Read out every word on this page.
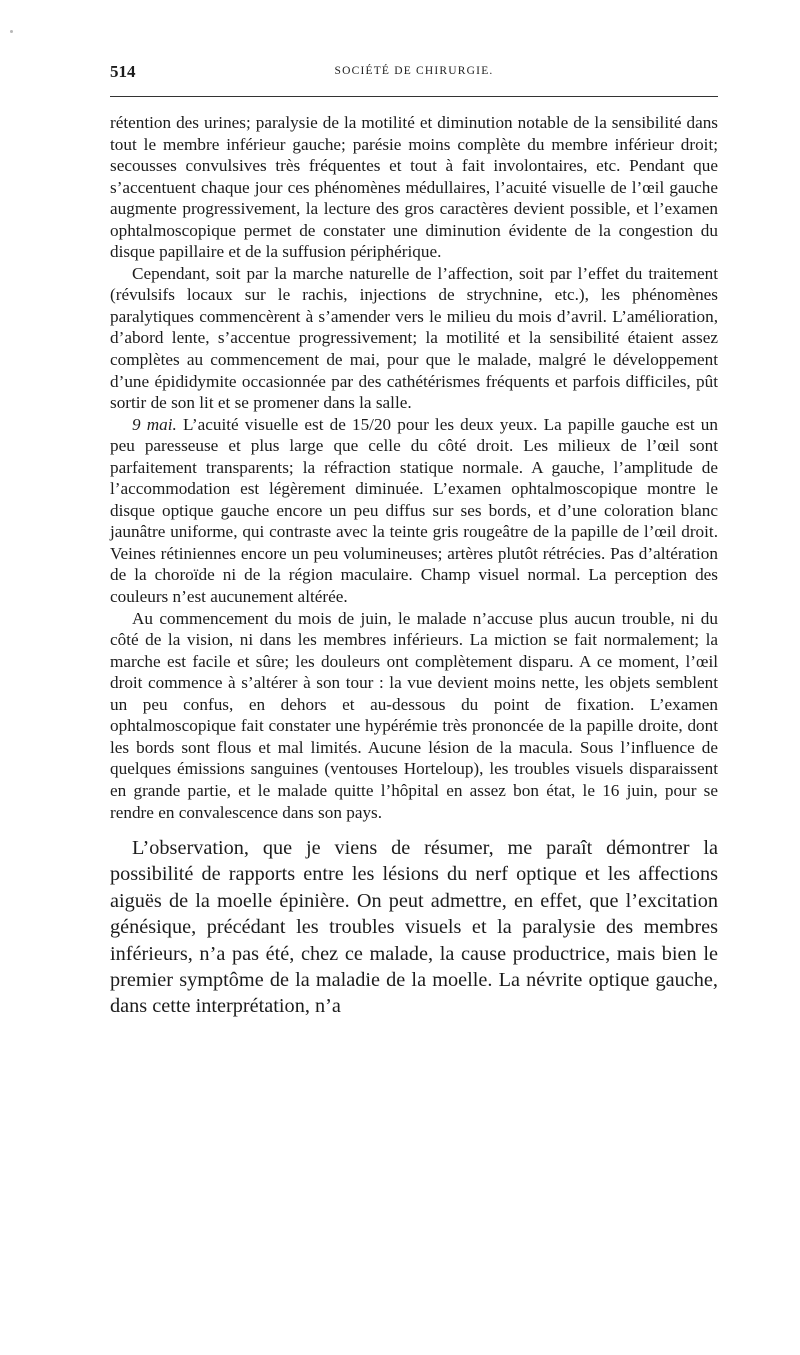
514	SOCIÉTÉ DE CHIRURGIE.

rétention des urines; paralysie de la motilité et diminution notable de la sensibilité dans tout le membre inférieur gauche; parésie moins complète du membre inférieur droit; secousses convulsives très fréquentes et tout à fait involontaires, etc. Pendant que s’accentuent chaque jour ces phénomènes médullaires, l’acuité visuelle de l’œil gauche augmente progressivement, la lecture des gros caractères devient possible, et l’examen ophtalmoscopique permet de constater une diminution évidente de la congestion du disque papillaire et de la suffusion périphérique.

Cependant, soit par la marche naturelle de l’affection, soit par l’effet du traitement (révulsifs locaux sur le rachis, injections de strychnine, etc.), les phénomènes paralytiques commencèrent à s’amender vers le milieu du mois d’avril. L’amélioration, d’abord lente, s’accentue progressivement; la motilité et la sensibilité étaient assez complètes au commencement de mai, pour que le malade, malgré le développement d’une épididymite occasionnée par des cathétérismes fréquents et parfois difficiles, pût sortir de son lit et se promener dans la salle.

9 mai. L’acuité visuelle est de 15/20 pour les deux yeux. La papille gauche est un peu paresseuse et plus large que celle du côté droit. Les milieux de l’œil sont parfaitement transparents; la réfraction statique normale. A gauche, l’amplitude de l’accommodation est légèrement diminuée. L’examen ophtalmoscopique montre le disque optique gauche encore un peu diffus sur ses bords, et d’une coloration blanc jaunâtre uniforme, qui contraste avec la teinte gris rougeâtre de la papille de l’œil droit. Veines rétiniennes encore un peu volumineuses; artères plutôt rétrécies. Pas d’altération de la choroïde ni de la région maculaire. Champ visuel normal. La perception des couleurs n’est aucunement altérée.

Au commencement du mois de juin, le malade n’accuse plus aucun trouble, ni du côté de la vision, ni dans les membres inférieurs. La miction se fait normalement; la marche est facile et sûre; les douleurs ont complètement disparu. A ce moment, l’œil droit commence à s’altérer à son tour : la vue devient moins nette, les objets semblent un peu confus, en dehors et au-dessous du point de fixation. L’examen ophtalmoscopique fait constater une hypérémie très prononcée de la papille droite, dont les bords sont flous et mal limités. Aucune lésion de la macula. Sous l’influence de quelques émissions sanguines (ventouses Horteloup), les troubles visuels disparaissent en grande partie, et le malade quitte l’hôpital en assez bon état, le 16 juin, pour se rendre en convalescence dans son pays.

L’observation, que je viens de résumer, me paraît démontrer la possibilité de rapports entre les lésions du nerf optique et les affections aiguës de la moelle épinière. On peut admettre, en effet, que l’excitation génésique, précédant les troubles visuels et la paralysie des membres inférieurs, n’a pas été, chez ce malade, la cause productrice, mais bien le premier symptôme de la maladie de la moelle. La névrite optique gauche, dans cette interprétation, n’a
